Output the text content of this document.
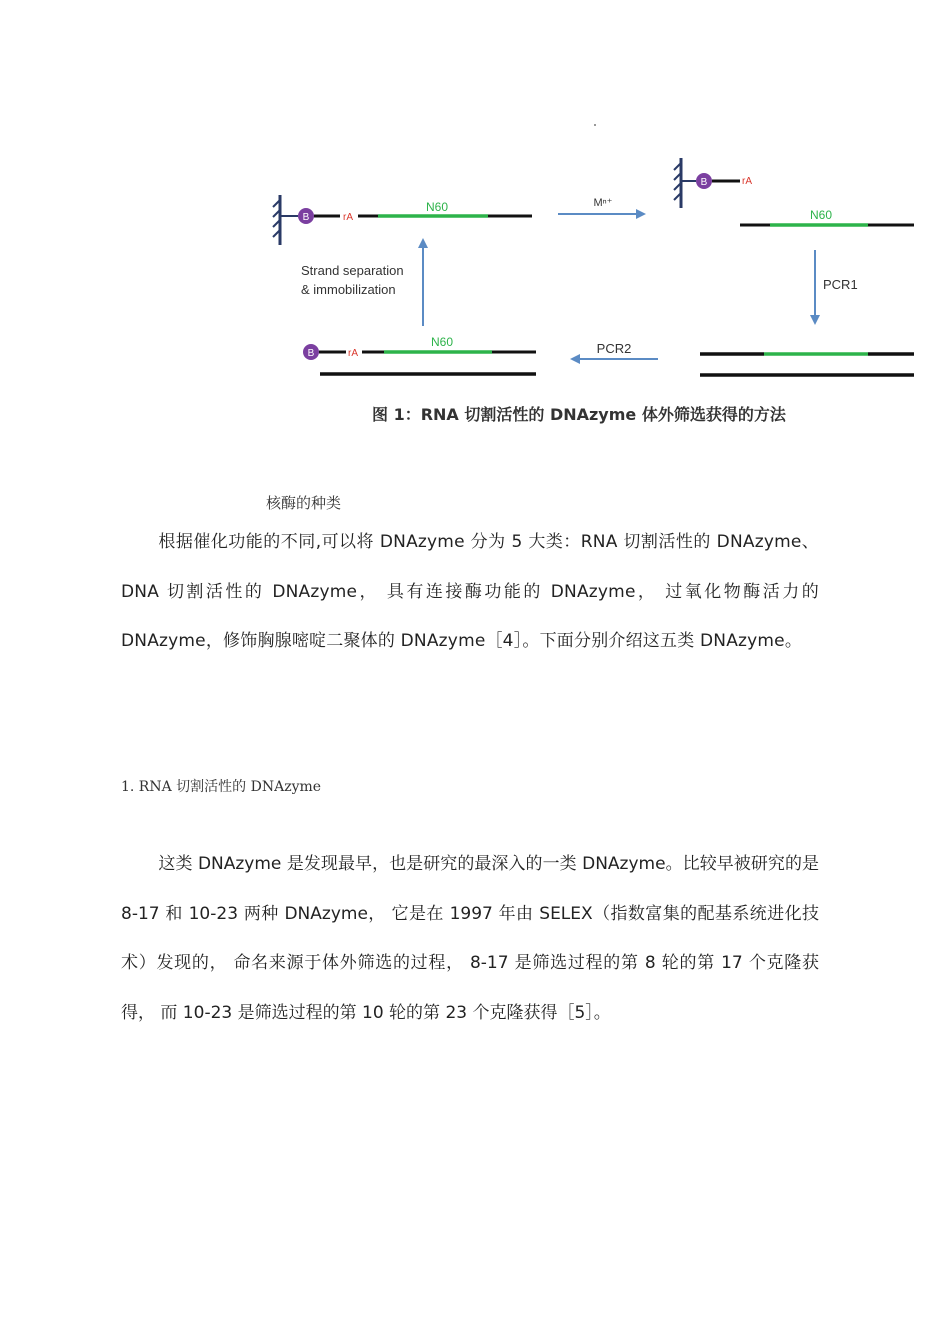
B	rA
N60	Mⁿ⁺
B	rA
N60
PCR1
PCR2
B	rA
N60
Strand separation
& immobilization
图 1：RNA 切割活性的 DNAzyme 体外筛选获得的方法
核酶的种类

根据催化功能的不同,可以将 DNAzyme 分为 5 大类：RNA 切割活性的 DNAzyme、DNA 切割活性的 DNAzyme， 具有连接酶功能的 DNAzyme， 过氧化物酶活力的 DNAzyme，修饰胸腺嘧啶二聚体的 DNAzyme［4］。下面分别介绍这五类 DNAzyme。

1. RNA 切割活性的 DNAzyme

这类 DNAzyme 是发现最早，也是研究的最深入的一类 DNAzyme。比较早被研究的是 8-17 和 10-23 两种 DNAzyme， 它是在 1997 年由 SELEX（指数富集的配基系统进化技术）发现的， 命名来源于体外筛选的过程， 8-17 是筛选过程的第 8 轮的第 17 个克隆获得， 而 10-23 是筛选过程的第 10 轮的第 23 个克隆获得［5］。
